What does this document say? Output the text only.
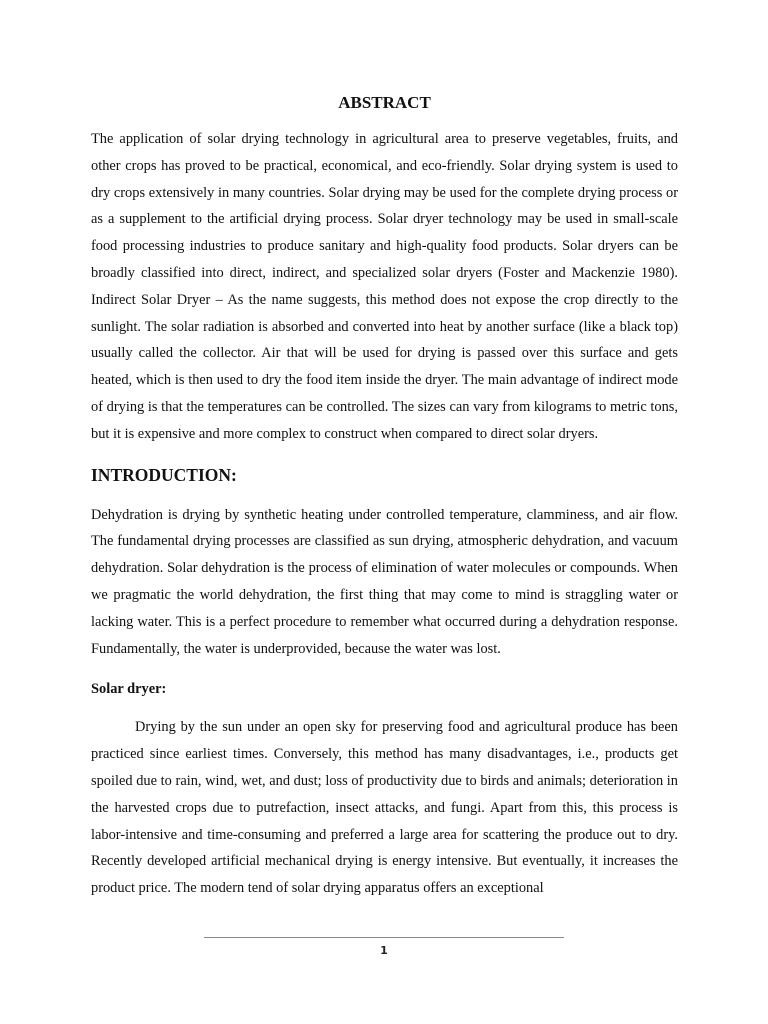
ABSTRACT

The application of solar drying technology in agricultural area to preserve vegetables, fruits, and other crops has proved to be practical, economical, and eco-friendly. Solar drying system is used to dry crops extensively in many countries. Solar drying may be used for the complete drying process or as a supplement to the artificial drying process. Solar dryer technology may be used in small-scale food processing industries to produce sanitary and high-quality food products. Solar dryers can be broadly classified into direct, indirect, and specialized solar dryers (Foster and Mackenzie 1980). Indirect Solar Dryer – As the name suggests, this method does not expose the crop directly to the sunlight. The solar radiation is absorbed and converted into heat by another surface (like a black top) usually called the collector. Air that will be used for drying is passed over this surface and gets heated, which is then used to dry the food item inside the dryer. The main advantage of indirect mode of drying is that the temperatures can be controlled. The sizes can vary from kilograms to metric tons, but it is expensive and more complex to construct when compared to direct solar dryers.

INTRODUCTION:

Dehydration is drying by synthetic heating under controlled temperature, clamminess, and air flow. The fundamental drying processes are classified as sun drying, atmospheric dehydration, and vacuum dehydration. Solar dehydration is the process of elimination of water molecules or compounds. When we pragmatic the world dehydration, the first thing that may come to mind is straggling water or lacking water. This is a perfect procedure to remember what occurred during a dehydration response. Fundamentally, the water is underprovided, because the water was lost.

Solar dryer:

Drying by the sun under an open sky for preserving food and agricultural produce has been practiced since earliest times. Conversely, this method has many disadvantages, i.e., products get spoiled due to rain, wind, wet, and dust; loss of productivity due to birds and animals; deterioration in the harvested crops due to putrefaction, insect attacks, and fungi. Apart from this, this process is labor-intensive and time-consuming and preferred a large area for scattering the produce out to dry. Recently developed artificial mechanical drying is energy intensive. But eventually, it increases the product price. The modern tend of solar drying apparatus offers an exceptional

1
